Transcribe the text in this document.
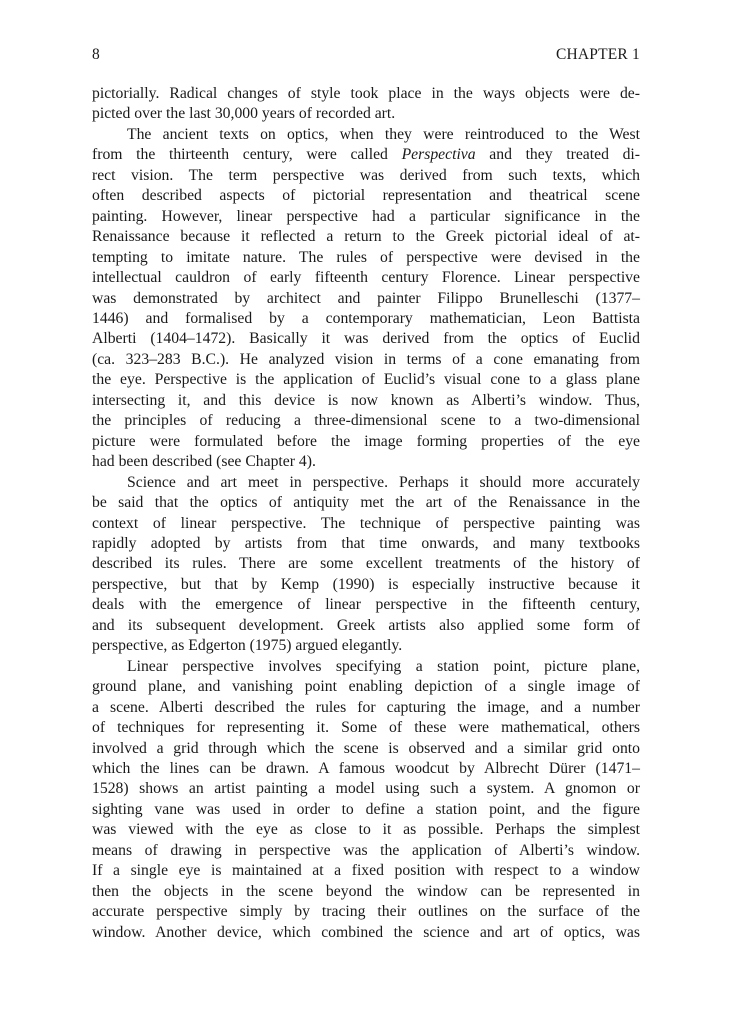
8	CHAPTER 1

pictorially. Radical changes of style took place in the ways objects were de-
picted over the last 30,000 years of recorded art.

The ancient texts on optics, when they were reintroduced to the West
from the thirteenth century, were called Perspectiva and they treated di-
rect vision. The term perspective was derived from such texts, which
often described aspects of pictorial representation and theatrical scene
painting. However, linear perspective had a particular significance in the
Renaissance because it reflected a return to the Greek pictorial ideal of at-
tempting to imitate nature. The rules of perspective were devised in the
intellectual cauldron of early fifteenth century Florence. Linear perspective
was demonstrated by architect and painter Filippo Brunelleschi (1377–
1446) and formalised by a contemporary mathematician, Leon Battista
Alberti (1404–1472). Basically it was derived from the optics of Euclid
(ca. 323–283 B.C.). He analyzed vision in terms of a cone emanating from
the eye. Perspective is the application of Euclid’s visual cone to a glass plane
intersecting it, and this device is now known as Alberti’s window. Thus,
the principles of reducing a three-dimensional scene to a two-dimensional
picture were formulated before the image forming properties of the eye
had been described (see Chapter 4).

Science and art meet in perspective. Perhaps it should more accurately
be said that the optics of antiquity met the art of the Renaissance in the
context of linear perspective. The technique of perspective painting was
rapidly adopted by artists from that time onwards, and many textbooks
described its rules. There are some excellent treatments of the history of
perspective, but that by Kemp (1990) is especially instructive because it
deals with the emergence of linear perspective in the fifteenth century,
and its subsequent development. Greek artists also applied some form of
perspective, as Edgerton (1975) argued elegantly.

Linear perspective involves specifying a station point, picture plane,
ground plane, and vanishing point enabling depiction of a single image of
a scene. Alberti described the rules for capturing the image, and a number
of techniques for representing it. Some of these were mathematical, others
involved a grid through which the scene is observed and a similar grid onto
which the lines can be drawn. A famous woodcut by Albrecht Dürer (1471–
1528) shows an artist painting a model using such a system. A gnomon or
sighting vane was used in order to define a station point, and the figure
was viewed with the eye as close to it as possible. Perhaps the simplest
means of drawing in perspective was the application of Alberti’s window.
If a single eye is maintained at a fixed position with respect to a window
then the objects in the scene beyond the window can be represented in
accurate perspective simply by tracing their outlines on the surface of the
window. Another device, which combined the science and art of optics, was
